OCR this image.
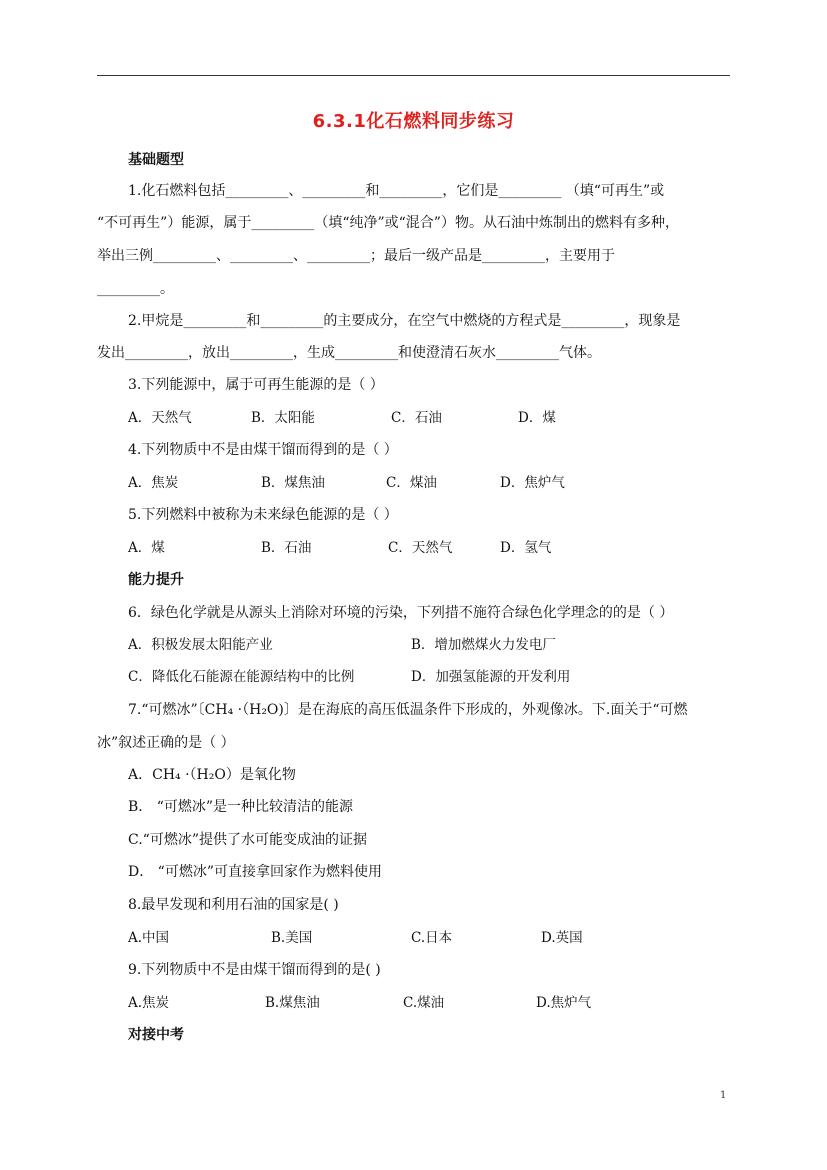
6.3.1化石燃料同步练习
基础题型
1.化石燃料包括_________、_________和_________，它们是_________ （填“可再生”或
“不可再生”）能源，属于_________（填“纯净”或“混合”）物。从石油中炼制出的燃料有多种，
举出三例_________、_________、_________；最后一级产品是_________，主要用于
_________。
2.甲烷是_________和_________的主要成分，在空气中燃烧的方程式是_________，现象是
发出_________，放出_________，生成_________和使澄清石灰水_________气体。
3.下列能源中，属于可再生能源的是（ ）
A．天然气	B．太阳能	C．石油	D．煤
4.下列物质中不是由煤干馏而得到的是（ ）
A．焦炭	B．煤焦油	C．煤油	D．焦炉气
5.下列燃料中被称为未来绿色能源的是（ ）
A．煤	B．石油	C．天然气	D．氢气
能力提升
6．绿色化学就是从源头上消除对环境的污染，下列措不施符合绿色化学理念的的是（ ）
A．积极发展太阳能产业	B．增加燃煤火力发电厂
C．降低化石能源在能源结构中的比例	D．加强氢能源的开发利用
7.“可燃冰”〔CH₄ ·（H₂O)〕是在海底的高压低温条件下形成的，外观像冰。下.面关于“可燃
冰”叙述正确的是（ ）
A．CH₄ ·（H₂O）是氧化物
B． “可燃冰”是一种比较清洁的能源
C.“可燃冰”提供了水可能变成油的证据
D． “可燃冰”可直接拿回家作为燃料使用
8.最早发现和利用石油的国家是( )
A.中国	B.美国	C.日本	D.英国
9.下列物质中不是由煤干馏而得到的是( )
A.焦炭	B.煤焦油	C.煤油	D.焦炉气
对接中考
1
